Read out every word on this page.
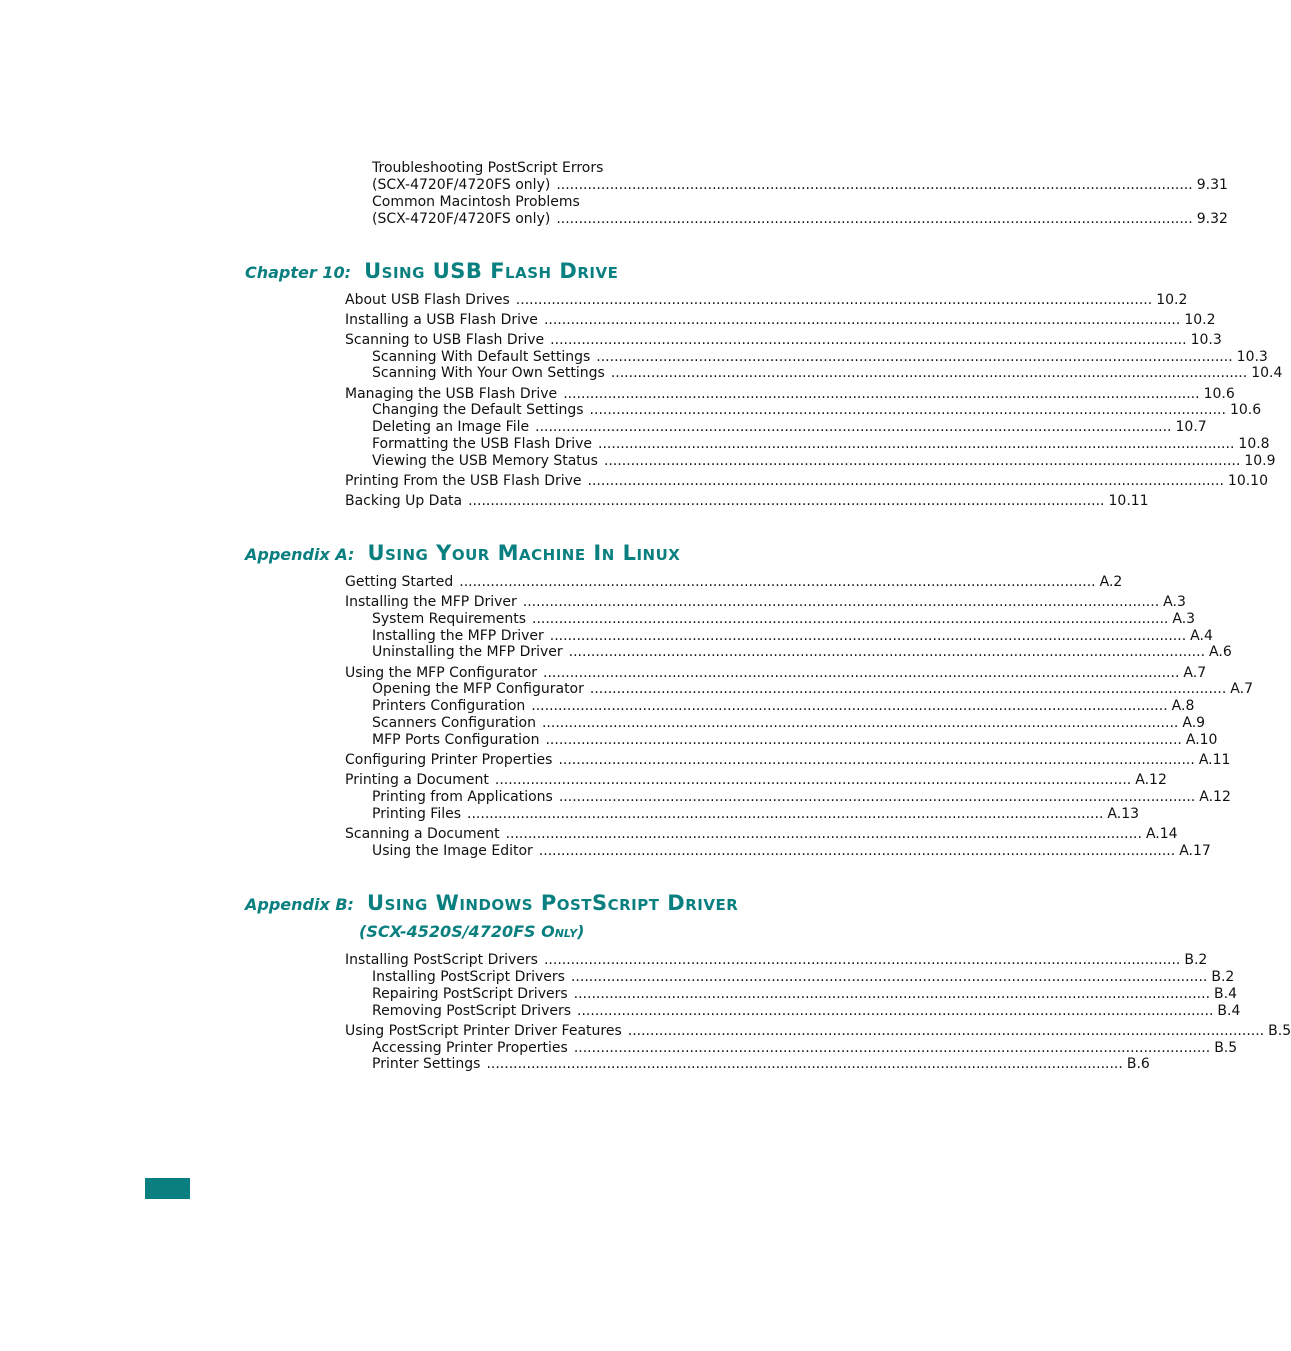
Troubleshooting PostScript Errors
(SCX-4720F/4720FS only) ............................................................................................................................................... 9.31
Common Macintosh Problems
(SCX-4720F/4720FS only) ............................................................................................................................................... 9.32
Chapter 10: Using USB Flash Drive
About USB Flash Drives ............................................................................................................................................... 10.2
Installing a USB Flash Drive ............................................................................................................................................... 10.2
Scanning to USB Flash Drive ............................................................................................................................................... 10.3
Scanning With Default Settings ............................................................................................................................................... 10.3
Scanning With Your Own Settings ............................................................................................................................................... 10.4
Managing the USB Flash Drive ............................................................................................................................................... 10.6
Changing the Default Settings ............................................................................................................................................... 10.6
Deleting an Image File ............................................................................................................................................... 10.7
Formatting the USB Flash Drive ............................................................................................................................................... 10.8
Viewing the USB Memory Status ............................................................................................................................................... 10.9
Printing From the USB Flash Drive ............................................................................................................................................... 10.10
Backing Up Data ............................................................................................................................................... 10.11
Appendix A: Using Your Machine In Linux
Getting Started ............................................................................................................................................... A.2
Installing the MFP Driver ............................................................................................................................................... A.3
System Requirements ............................................................................................................................................... A.3
Installing the MFP Driver ............................................................................................................................................... A.4
Uninstalling the MFP Driver ............................................................................................................................................... A.6
Using the MFP Configurator ............................................................................................................................................... A.7
Opening the MFP Configurator ............................................................................................................................................... A.7
Printers Configuration ............................................................................................................................................... A.8
Scanners Configuration ............................................................................................................................................... A.9
MFP Ports Configuration ............................................................................................................................................... A.10
Configuring Printer Properties ............................................................................................................................................... A.11
Printing a Document ............................................................................................................................................... A.12
Printing from Applications ............................................................................................................................................... A.12
Printing Files ............................................................................................................................................... A.13
Scanning a Document ............................................................................................................................................... A.14
Using the Image Editor ............................................................................................................................................... A.17
Appendix B: Using Windows PostScript Driver
(SCX-4520S/4720FS Only)
Installing PostScript Drivers ............................................................................................................................................... B.2
Installing PostScript Drivers ............................................................................................................................................... B.2
Repairing PostScript Drivers ............................................................................................................................................... B.4
Removing PostScript Drivers ............................................................................................................................................... B.4
Using PostScript Printer Driver Features ............................................................................................................................................... B.5
Accessing Printer Properties ............................................................................................................................................... B.5
Printer Settings ............................................................................................................................................... B.6
